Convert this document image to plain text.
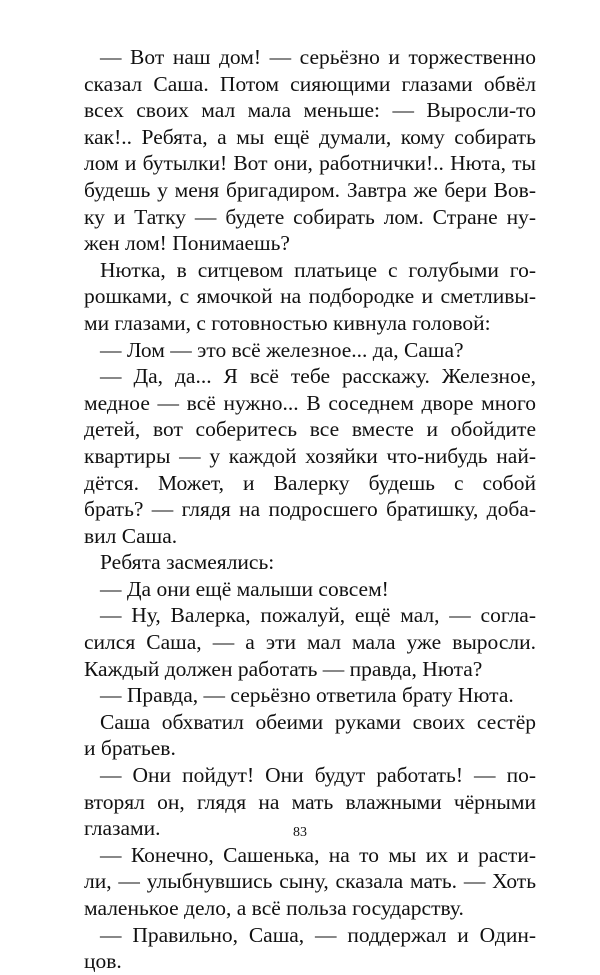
— Вот наш дом! — серьёзно и торжественно
сказал Саша. Потом сияющими глазами обвёл
всех своих мал мала меньше: — Выросли-то
как!.. Ребята, а мы ещё думали, кому собирать
лом и бутылки! Вот они, работнички!.. Нюта, ты
будешь у меня бригадиром. Завтра же бери Вов-
ку и Татку — будете собирать лом. Стране ну-
жен лом! Понимаешь?
Нютка, в ситцевом платьице с голубыми го-
рошками, с ямочкой на подбородке и сметливы-
ми глазами, с готовностью кивнула головой:
— Лом — это всё железное... да, Саша?
— Да, да... Я всё тебе расскажу. Железное,
медное — всё нужно... В соседнем дворе много
детей, вот соберитесь все вместе и обойдите
квартиры — у каждой хозяйки что-нибудь най-
дётся. Может, и Валерку будешь с собой
брать? — глядя на подросшего братишку, доба-
вил Саша.
Ребята засмеялись:
— Да они ещё малыши совсем!
— Ну, Валерка, пожалуй, ещё мал, — согла-
сился Саша, — а эти мал мала уже выросли.
Каждый должен работать — правда, Нюта?
— Правда, — серьёзно ответила брату Нюта.
Саша обхватил обеими руками своих сестёр
и братьев.
— Они пойдут! Они будут работать! — по-
вторял он, глядя на мать влажными чёрными
глазами.
— Конечно, Сашенька, на то мы их и расти-
ли, — улыбнувшись сыну, сказала мать. — Хоть
маленькое дело, а всё польза государству.
— Правильно, Саша, — поддержал и Один-
цов.
83
